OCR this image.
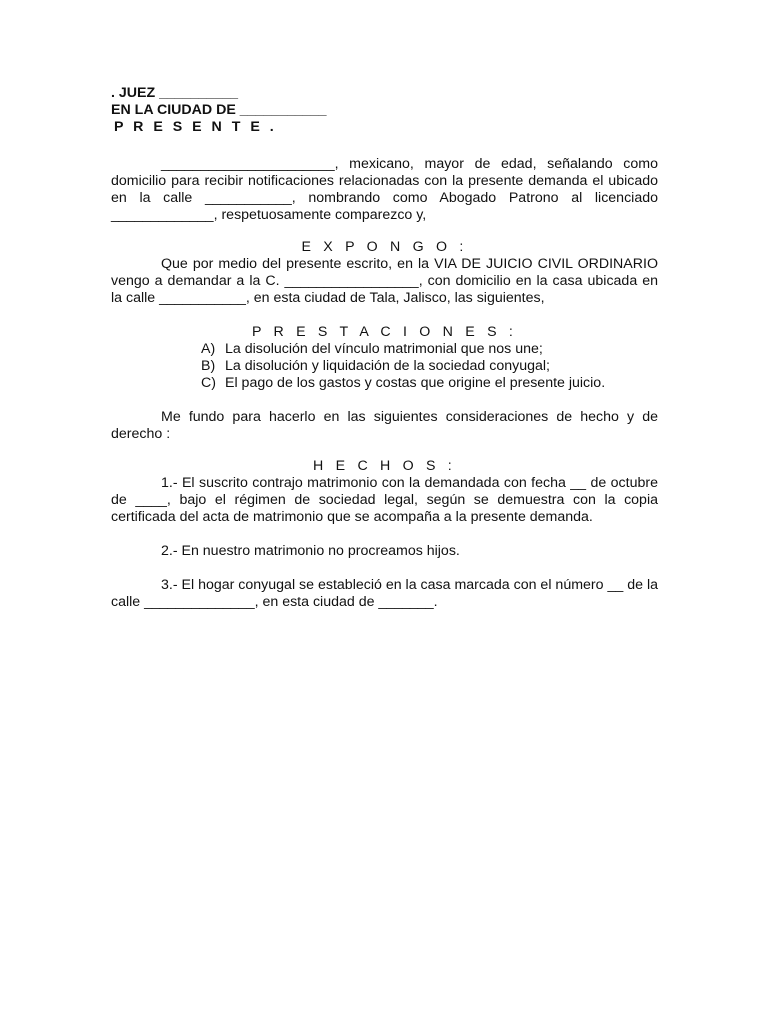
. JUEZ __________
EN LA CIUDAD DE ___________
P R E S E N T E .

______________________, mexicano, mayor de edad, señalando como domicilio para recibir notificaciones relacionadas con la presente demanda el ubicado en la calle ___________, nombrando como Abogado Patrono al licenciado _____________, respetuosamente comparezco y,

E X P O N G O :

Que por medio del presente escrito, en la VIA DE JUICIO CIVIL ORDINARIO vengo a demandar a la C. _________________, con domicilio en la casa ubicada en la calle ___________, en esta ciudad de Tala, Jalisco, las siguientes,

P R E S T A C I O N E S :

A) La disolución del vínculo matrimonial que nos une;
B) La disolución y liquidación de la sociedad conyugal;
C) El pago de los gastos y costas que origine el presente juicio.

Me fundo para hacerlo en las siguientes consideraciones de hecho y de derecho :

H E C H O S :

1.- El suscrito contrajo matrimonio con la demandada con fecha __ de octubre de ____, bajo el régimen de sociedad legal, según se demuestra con la copia certificada del acta de matrimonio que se acompaña a la presente demanda.

2.- En nuestro matrimonio no procreamos hijos.

3.- El hogar conyugal se estableció en la casa marcada con el número __ de la calle ______________, en esta ciudad de _______.
